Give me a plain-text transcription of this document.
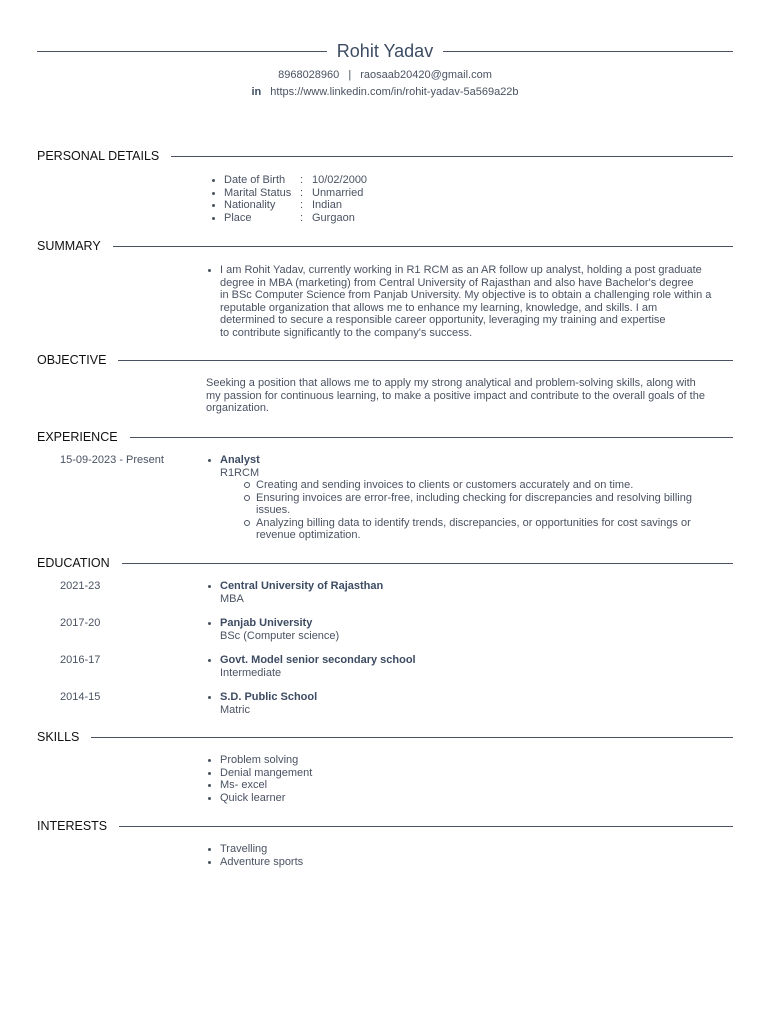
Rohit Yadav
8968028960 | raosaab20420@gmail.com
in https://www.linkedin.com/in/rohit-yadav-5a569a22b
PERSONAL DETAILS
Date of Birth	: 10/02/2000
Marital Status : Unmarried
Nationality	: Indian
Place	: Gurgaon
SUMMARY
I am Rohit Yadav, currently working in R1 RCM as an AR follow up analyst, holding a post graduate
degree in MBA (marketing) from Central University of Rajasthan and also have Bachelor's degree
in BSc Computer Science from Panjab University. My objective is to obtain a challenging role within a
reputable organization that allows me to enhance my learning, knowledge, and skills. I am
determined to secure a responsible career opportunity, leveraging my training and expertise
to contribute significantly to the company's success.
OBJECTIVE
Seeking a position that allows me to apply my strong analytical and problem-solving skills, along with
my passion for continuous learning, to make a positive impact and contribute to the overall goals of the
organization.
EXPERIENCE
15-09-2023 - Present	Analyst
R1RCM
Creating and sending invoices to clients or customers accurately and on time.
Ensuring invoices are error-free, including checking for discrepancies and resolving billing
issues.
Analyzing billing data to identify trends, discrepancies, or opportunities for cost savings or
revenue optimization.
EDUCATION
2021-23	Central University of Rajasthan
MBA
2017-20	Panjab University
BSc (Computer science)
2016-17	Govt. Model senior secondary school
Intermediate
2014-15	S.D. Public School
Matric
SKILLS
Problem solving
Denial mangement
Ms- excel
Quick learner
INTERESTS
Travelling
Adventure sports
